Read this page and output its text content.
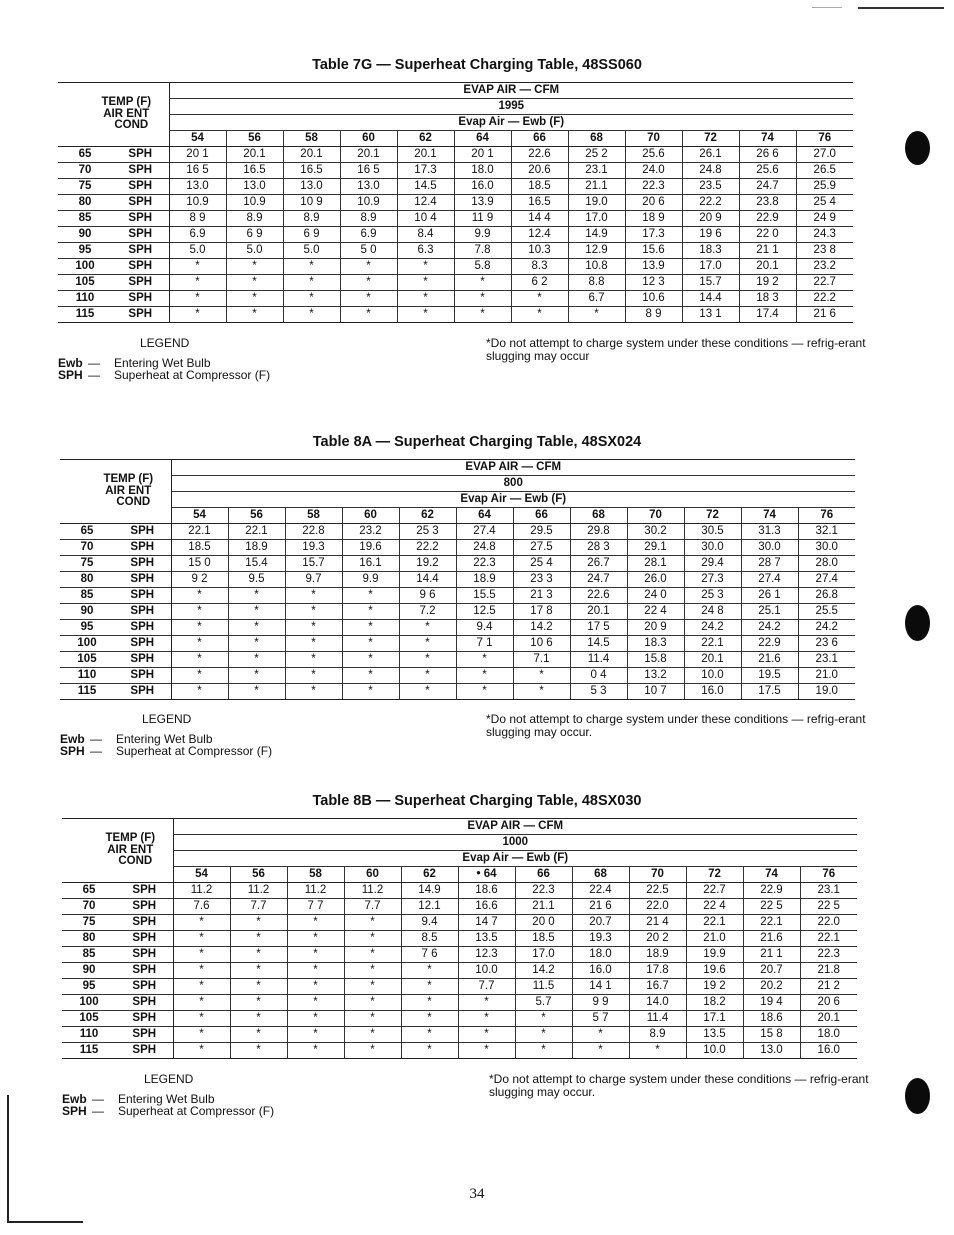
Table 7G — Superheat Charging Table, 48SS060
TEMP (F)
AIR ENT
COND		EVAP AIR — CFM											
		1995											
		Evap Air — Ewb (F)											
		54	56	58	60	62	64	66	68	70	72	74	76
65	SPH	20 1	20.1	20.1	20.1	20.1	20 1	22.6	25 2	25.6	26.1	26 6	27.0
70	SPH	16 5	16.5	16.5	16 5	17.3	18.0	20.6	23.1	24.0	24.8	25.6	26.5
75	SPH	13.0	13.0	13.0	13.0	14.5	16.0	18.5	21.1	22.3	23.5	24.7	25.9
80	SPH	10.9	10.9	10 9	10.9	12.4	13.9	16.5	19.0	20 6	22.2	23.8	25 4
85	SPH	8 9	8.9	8.9	8.9	10 4	11 9	14 4	17.0	18 9	20 9	22.9	24 9
90	SPH	6.9	6 9	6 9	6.9	8.4	9.9	12.4	14.9	17.3	19 6	22 0	24.3
95	SPH	5.0	5.0	5.0	5 0	6.3	7.8	10.3	12.9	15.6	18.3	21 1	23 8
100	SPH	*	*	*	*	*	5.8	8.3	10.8	13.9	17.0	20.1	23.2
105	SPH	*	*	*	*	*	*	6 2	8.8	12 3	15.7	19 2	22.7
110	SPH	*	*	*	*	*	*	*	6.7	10.6	14.4	18 3	22.2
115	SPH	*	*	*	*	*	*	*	*	8 9	13 1	17.4	21 6
LEGEND
Ewb — Entering Wet Bulb
SPH — Superheat at Compressor (F)
*Do not attempt to charge system under these conditions — refrig-erant slugging may occur
Table 8A — Superheat Charging Table, 48SX024
TEMP (F)
AIR ENT
COND		EVAP AIR — CFM											
		800											
		Evap Air — Ewb (F)											
		54	56	58	60	62	64	66	68	70	72	74	76
65	SPH	22.1	22.1	22.8	23.2	25 3	27.4	29.5	29.8	30.2	30.5	31.3	32.1
70	SPH	18.5	18.9	19.3	19.6	22.2	24.8	27.5	28 3	29.1	30.0	30.0	30.0
75	SPH	15 0	15.4	15.7	16.1	19.2	22.3	25 4	26.7	28.1	29.4	28 7	28.0
80	SPH	9 2	9.5	9.7	9.9	14.4	18.9	23 3	24.7	26.0	27.3	27.4	27.4
85	SPH	*	*	*	*	9 6	15.5	21 3	22.6	24 0	25 3	26 1	26.8
90	SPH	*	*	*	*	7.2	12.5	17 8	20.1	22 4	24 8	25.1	25.5
95	SPH	*	*	*	*	*	9.4	14.2	17 5	20 9	24.2	24.2	24.2
100	SPH	*	*	*	*	*	7 1	10 6	14.5	18.3	22.1	22.9	23 6
105	SPH	*	*	*	*	*	*	7.1	11.4	15.8	20.1	21.6	23.1
110	SPH	*	*	*	*	*	*	*	0 4	13.2	10.0	19.5	21.0
115	SPH	*	*	*	*	*	*	*	5 3	10 7	16.0	17.5	19.0
LEGEND
Ewb — Entering Wet Bulb
SPH — Superheat at Compressor (F)
*Do not attempt to charge system under these conditions — refrig-erant slugging may occur.
Table 8B — Superheat Charging Table, 48SX030
TEMP (F)
AIR ENT
COND		EVAP AIR — CFM											
		1000											
		Evap Air — Ewb (F)											
		54	56	58	60	62	• 64	66	68	70	72	74	76
65	SPH	11.2	11.2	11.2	11.2	14.9	18.6	22.3	22.4	22.5	22.7	22.9	23.1
70	SPH	7.6	7.7	7 7	7.7	12.1	16.6	21.1	21 6	22.0	22 4	22 5	22 5
75	SPH	*	*	*	*	9.4	14 7	20 0	20.7	21 4	22.1	22.1	22.0
80	SPH	*	*	*	*	8.5	13.5	18.5	19.3	20 2	21.0	21.6	22.1
85	SPH	*	*	*	*	7 6	12.3	17.0	18.0	18.9	19.9	21 1	22.3
90	SPH	*	*	*	*	*	10.0	14.2	16.0	17.8	19.6	20.7	21.8
95	SPH	*	*	*	*	*	7.7	11.5	14 1	16.7	19 2	20.2	21 2
100	SPH	*	*	*	*	*	*	5.7	9 9	14.0	18.2	19 4	20 6
105	SPH	*	*	*	*	*	*	*	5 7	11.4	17.1	18.6	20.1
110	SPH	*	*	*	*	*	*	*	*	8.9	13.5	15 8	18.0
115	SPH	*	*	*	*	*	*	*	*	*	10.0	13.0	16.0
LEGEND
Ewb — Entering Wet Bulb
SPH — Superheat at Compressor (F)
*Do not attempt to charge system under these conditions — refrig-erant slugging may occur.
34
